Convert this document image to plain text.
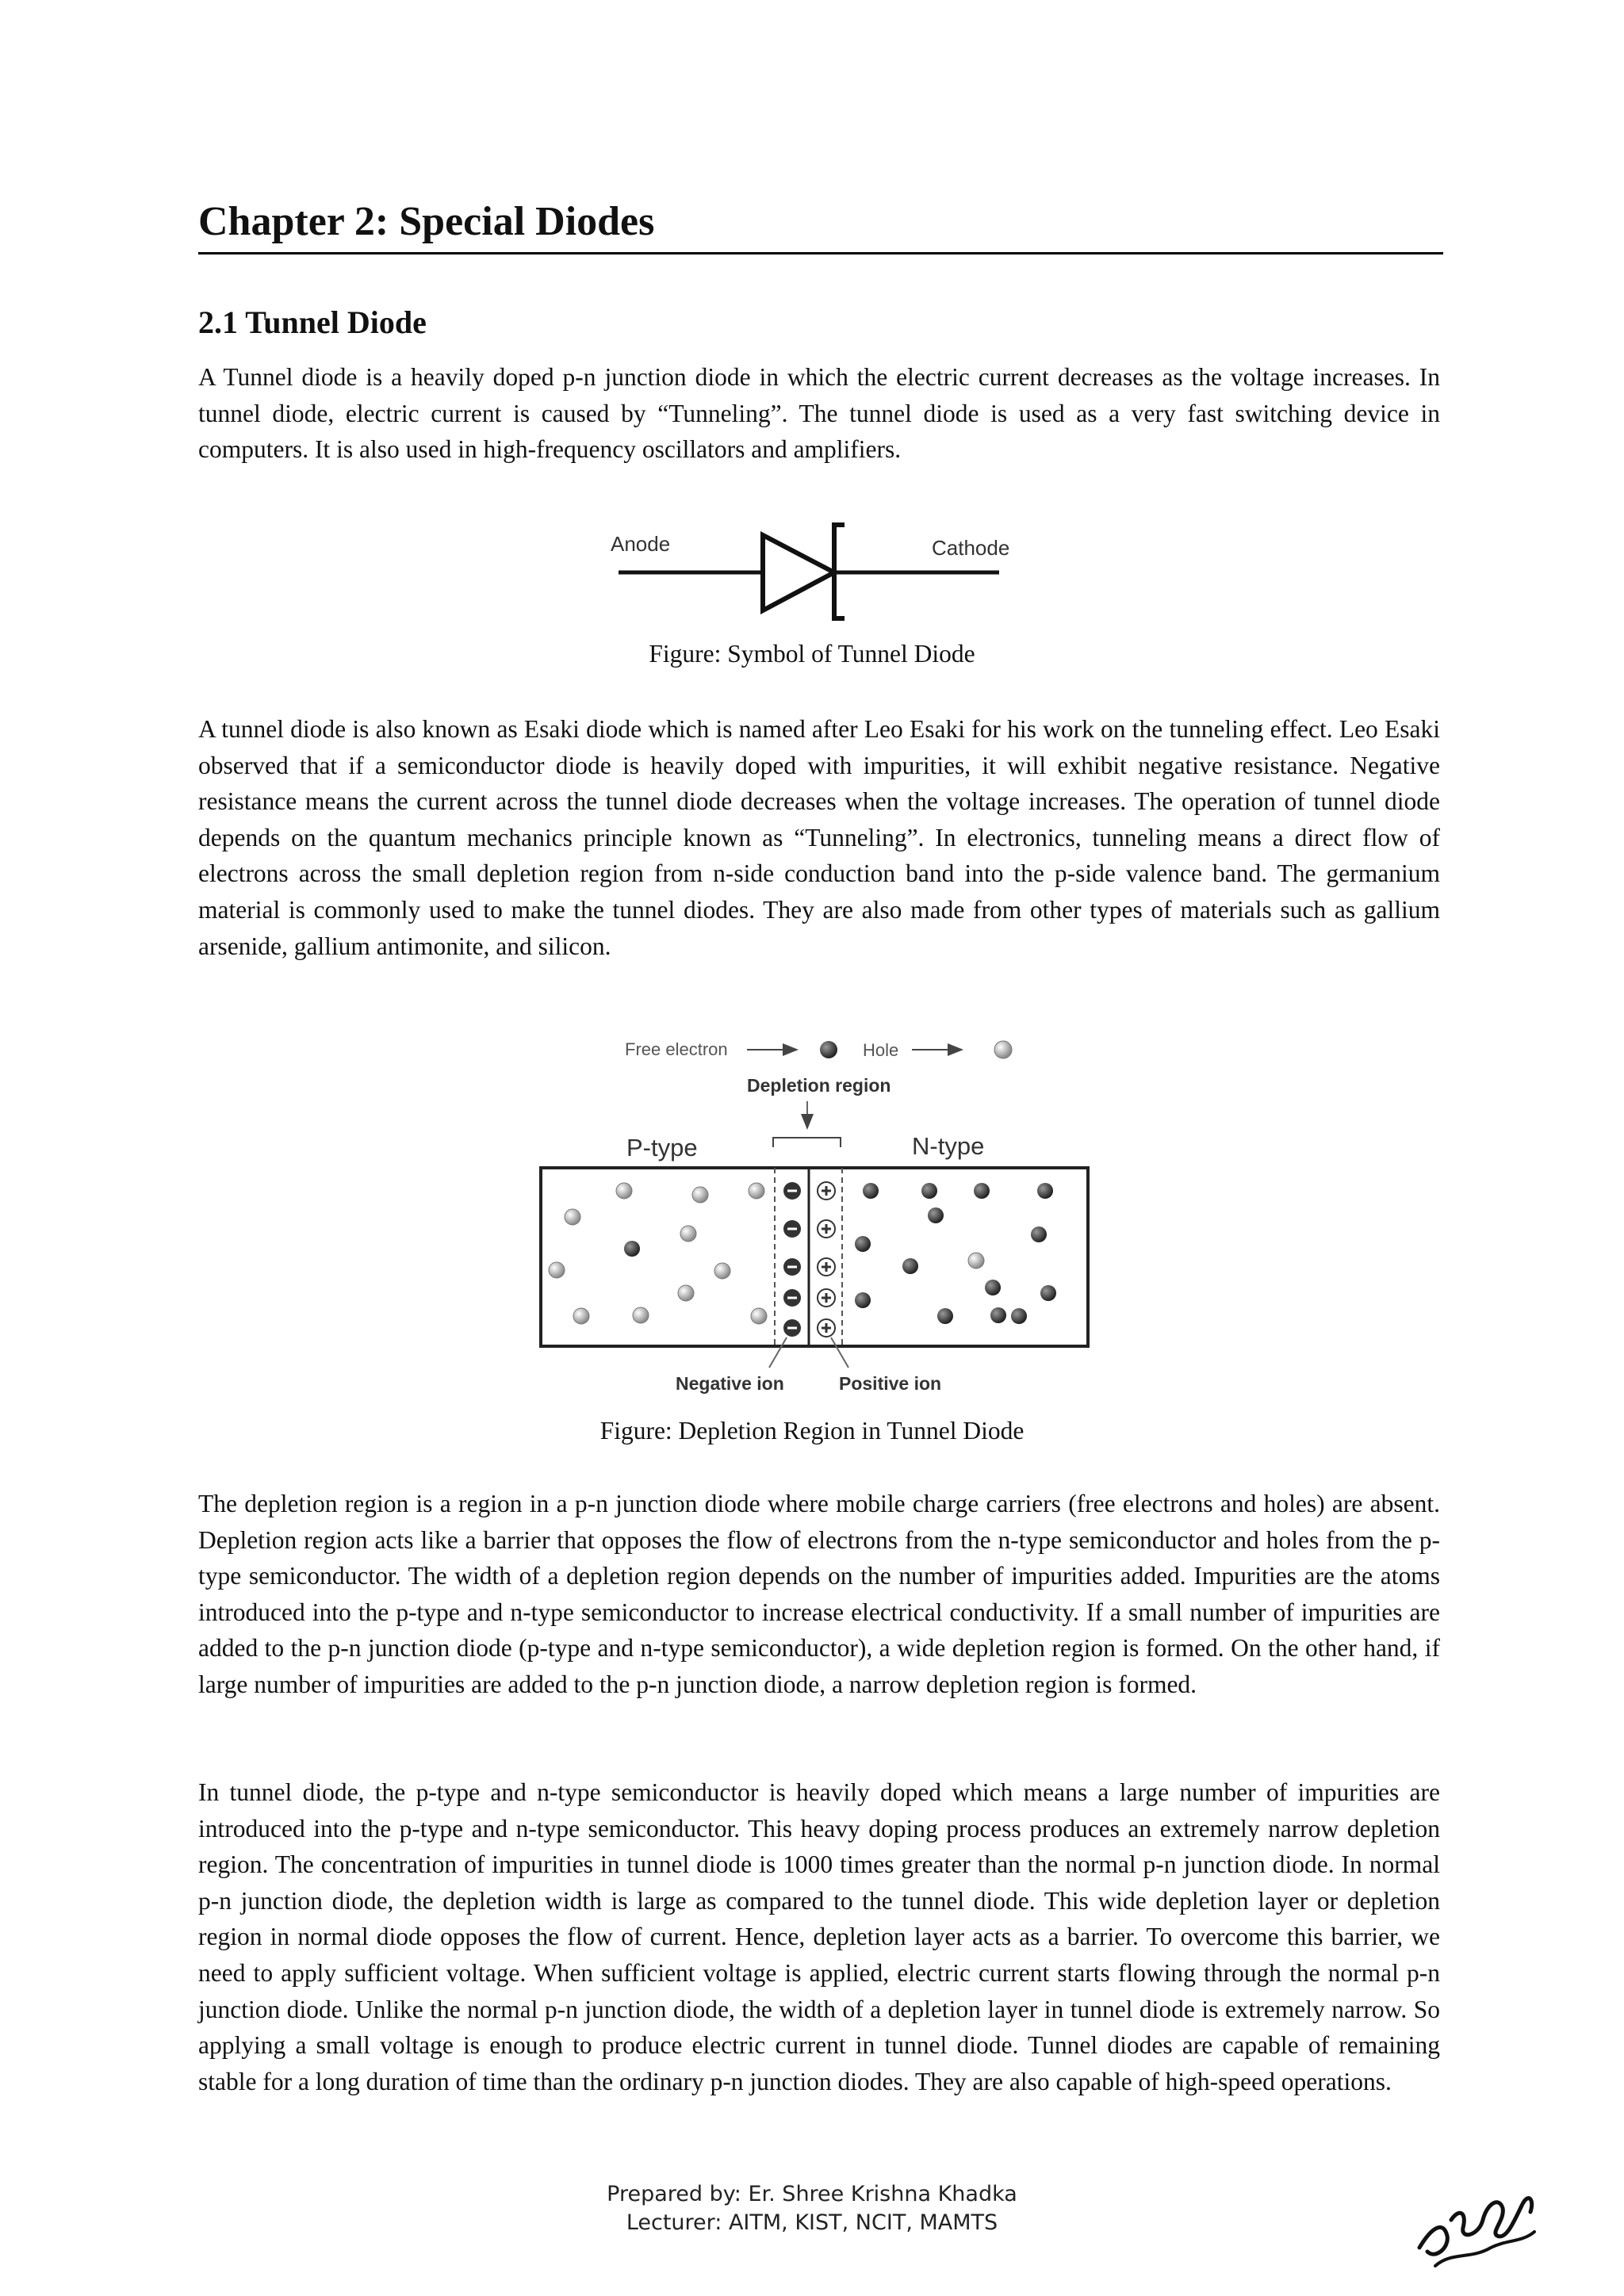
Chapter 2: Special Diodes
2.1 Tunnel Diode

A Tunnel diode is a heavily doped p-n junction diode in which the electric current decreases as the voltage increases. In tunnel diode, electric current is caused by “Tunneling”. The tunnel diode is used as a very fast switching device in computers. It is also used in high-frequency oscillators and amplifiers.

Anode	Cathode

Figure: Symbol of Tunnel Diode

A tunnel diode is also known as Esaki diode which is named after Leo Esaki for his work on the tunneling effect. Leo Esaki observed that if a semiconductor diode is heavily doped with impurities, it will exhibit negative resistance. Negative resistance means the current across the tunnel diode decreases when the voltage increases. The operation of tunnel diode depends on the quantum mechanics principle known as “Tunneling”. In electronics, tunneling means a direct flow of electrons across the small depletion region from n-side conduction band into the p-side valence band. The germanium material is commonly used to make the tunnel diodes. They are also made from other types of materials such as gallium arsenide, gallium antimonite, and silicon.

Free electron	Hole
Depletion region
P-type	N-type
Negative ion	Positive ion

Figure: Depletion Region in Tunnel Diode

The depletion region is a region in a p-n junction diode where mobile charge carriers (free electrons and holes) are absent. Depletion region acts like a barrier that opposes the flow of electrons from the n-type semiconductor and holes from the p-type semiconductor. The width of a depletion region depends on the number of impurities added. Impurities are the atoms introduced into the p-type and n-type semiconductor to increase electrical conductivity. If a small number of impurities are added to the p-n junction diode (p-type and n-type semiconductor), a wide depletion region is formed. On the other hand, if large number of impurities are added to the p-n junction diode, a narrow depletion region is formed.

In tunnel diode, the p-type and n-type semiconductor is heavily doped which means a large number of impurities are introduced into the p-type and n-type semiconductor. This heavy doping process produces an extremely narrow depletion region. The concentration of impurities in tunnel diode is 1000 times greater than the normal p-n junction diode. In normal p-n junction diode, the depletion width is large as compared to the tunnel diode. This wide depletion layer or depletion region in normal diode opposes the flow of current. Hence, depletion layer acts as a barrier. To overcome this barrier, we need to apply sufficient voltage. When sufficient voltage is applied, electric current starts flowing through the normal p-n junction diode. Unlike the normal p-n junction diode, the width of a depletion layer in tunnel diode is extremely narrow. So applying a small voltage is enough to produce electric current in tunnel diode. Tunnel diodes are capable of remaining stable for a long duration of time than the ordinary p-n junction diodes. They are also capable of high-speed operations.

Prepared by: Er. Shree Krishna Khadka

Lecturer: AITM, KIST, NCIT, MAMTS
